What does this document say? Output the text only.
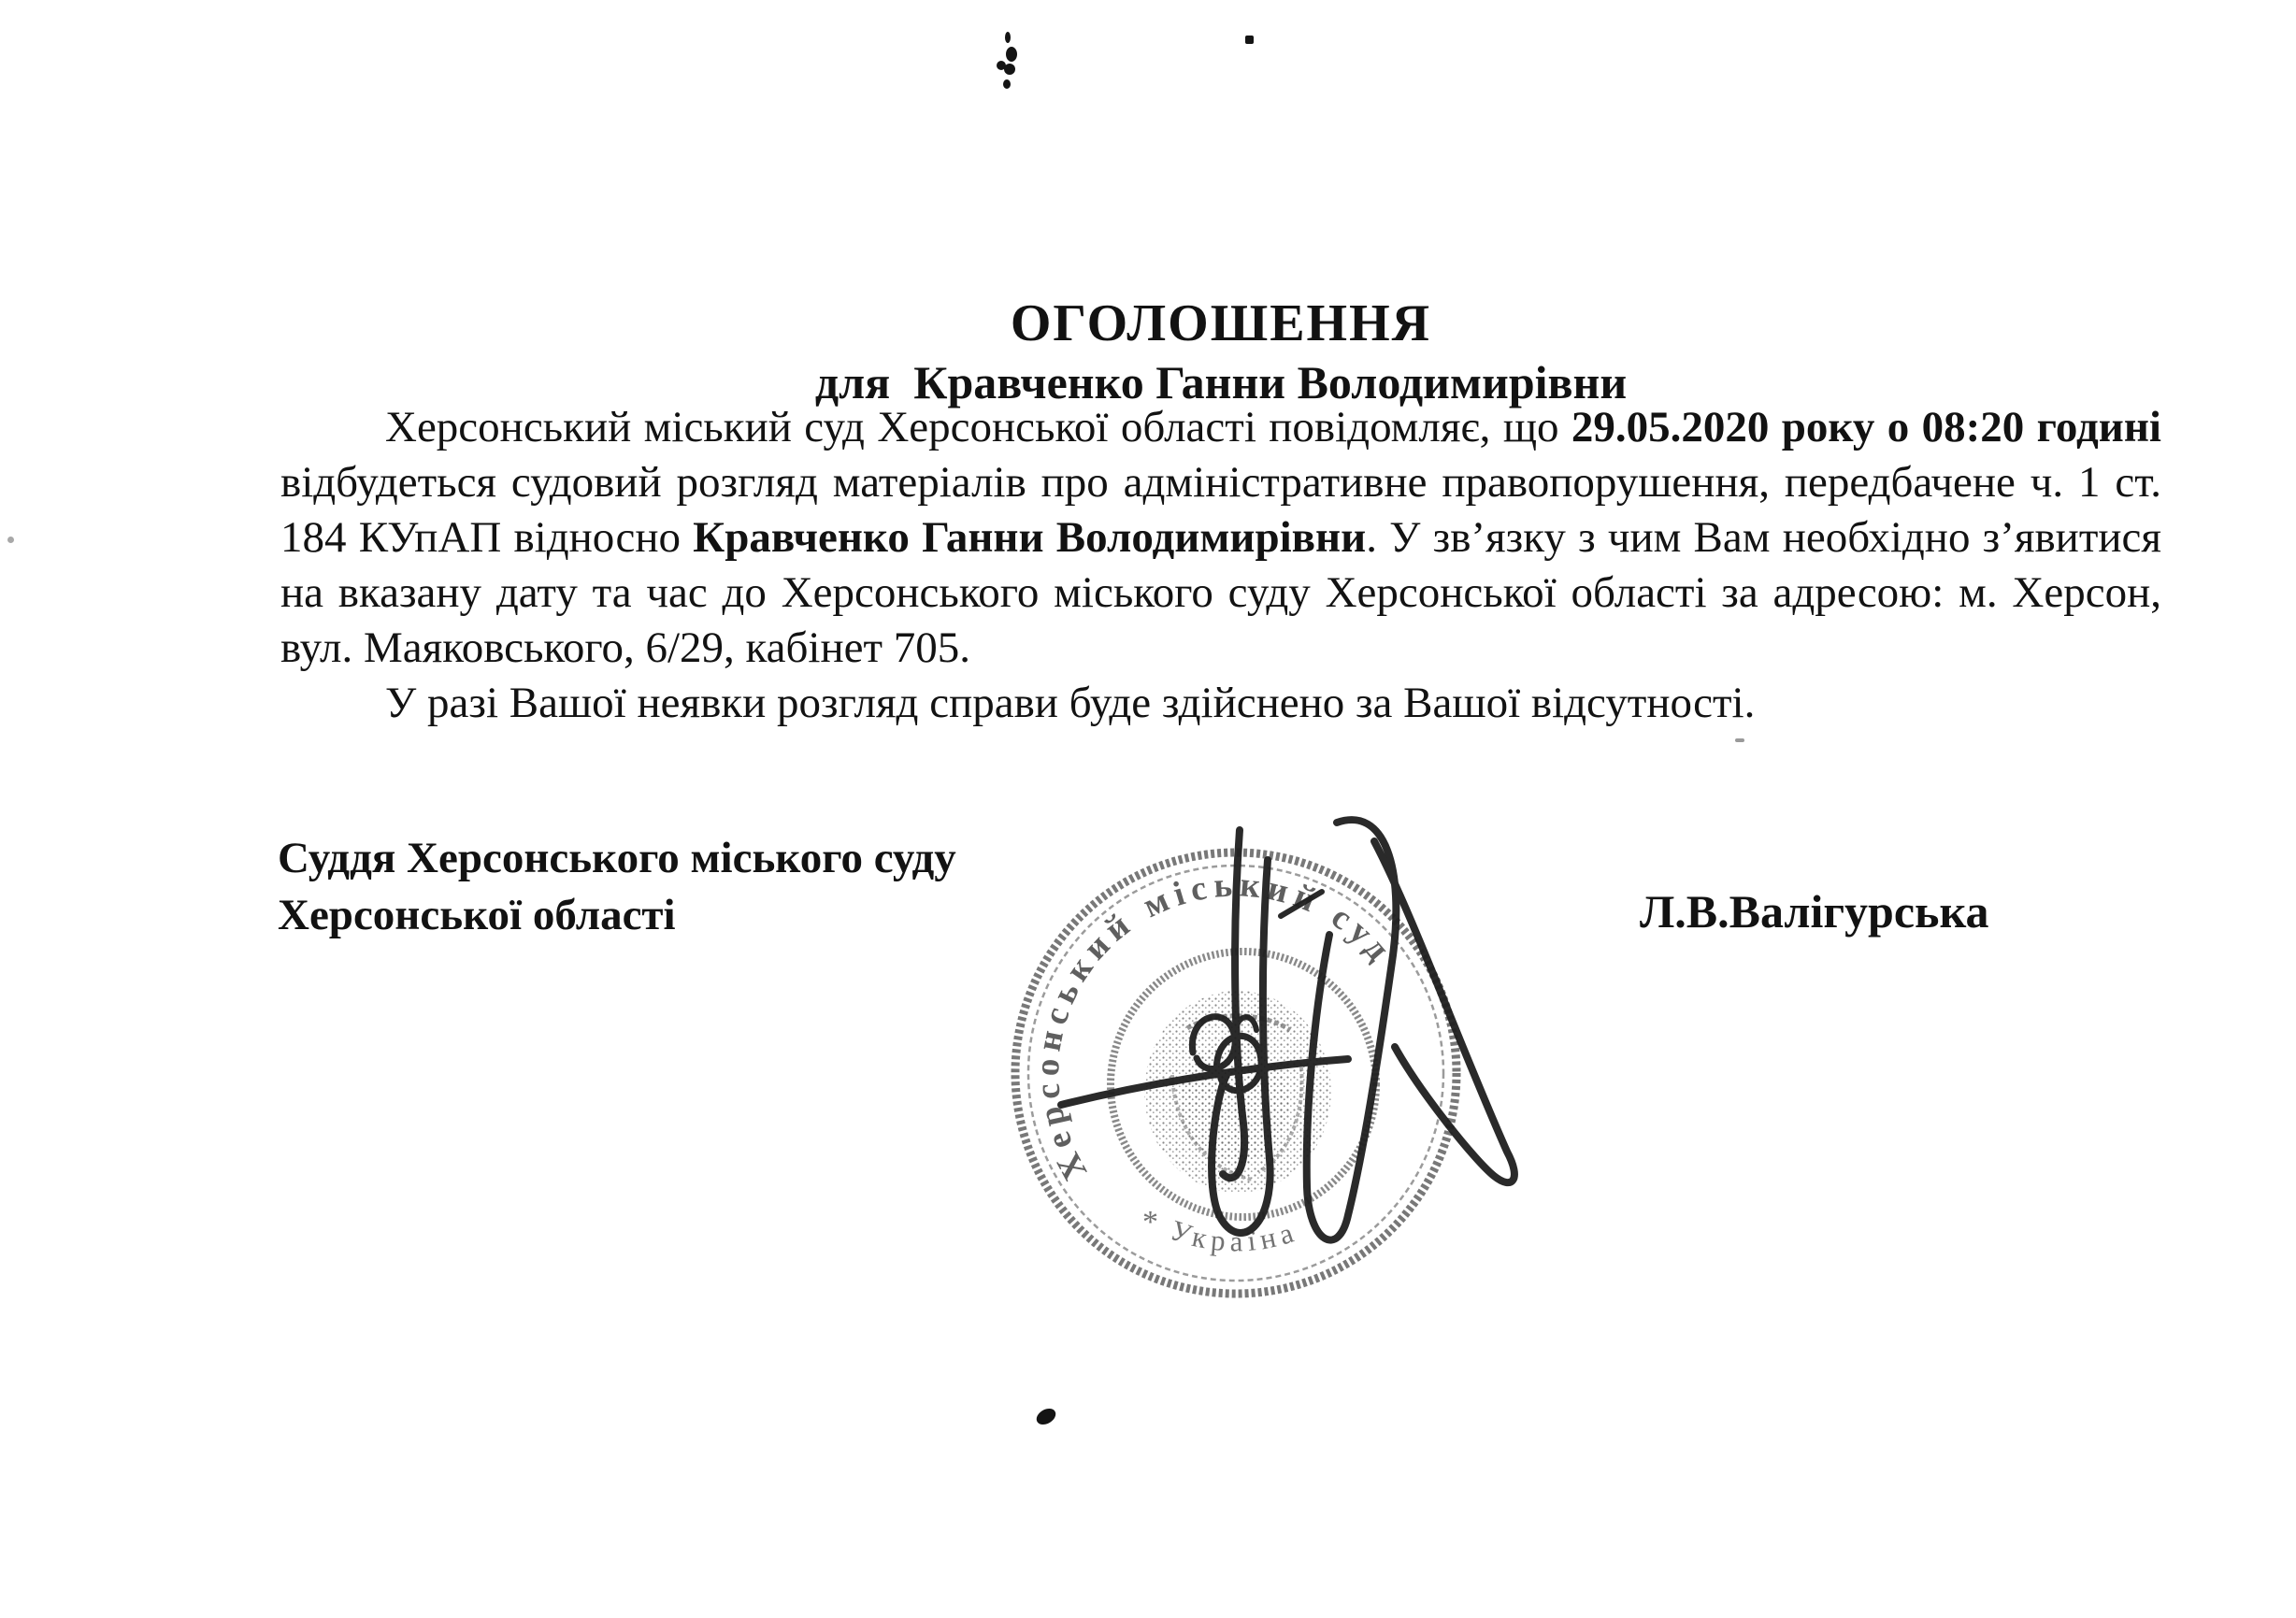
ОГОЛОШЕННЯ
для  Кравченко Ганни Володимирівни

Херсонський міський суд Херсонської області повідомляє, що 29.05.2020 року о 08:20 годині відбудеться судовий розгляд матеріалів про адміністративне правопорушення, передбачене ч. 1 ст. 184 КУпАП відносно Кравченко Ганни Володимирівни. У зв’язку з чим Вам необхідно з’явитися на вказану дату та час до Херсонського міського суду Херсонської області за адресою: м. Херсон, вул. Маяковського, 6/29, кабінет 705.

У разі Вашої неявки розгляд справи буде здійснено за Вашої відсутності.

Суддя Херсонського міського суду
Херсонської області	Л.В.Валігурська
Херсонський міський суд
Україна
*
